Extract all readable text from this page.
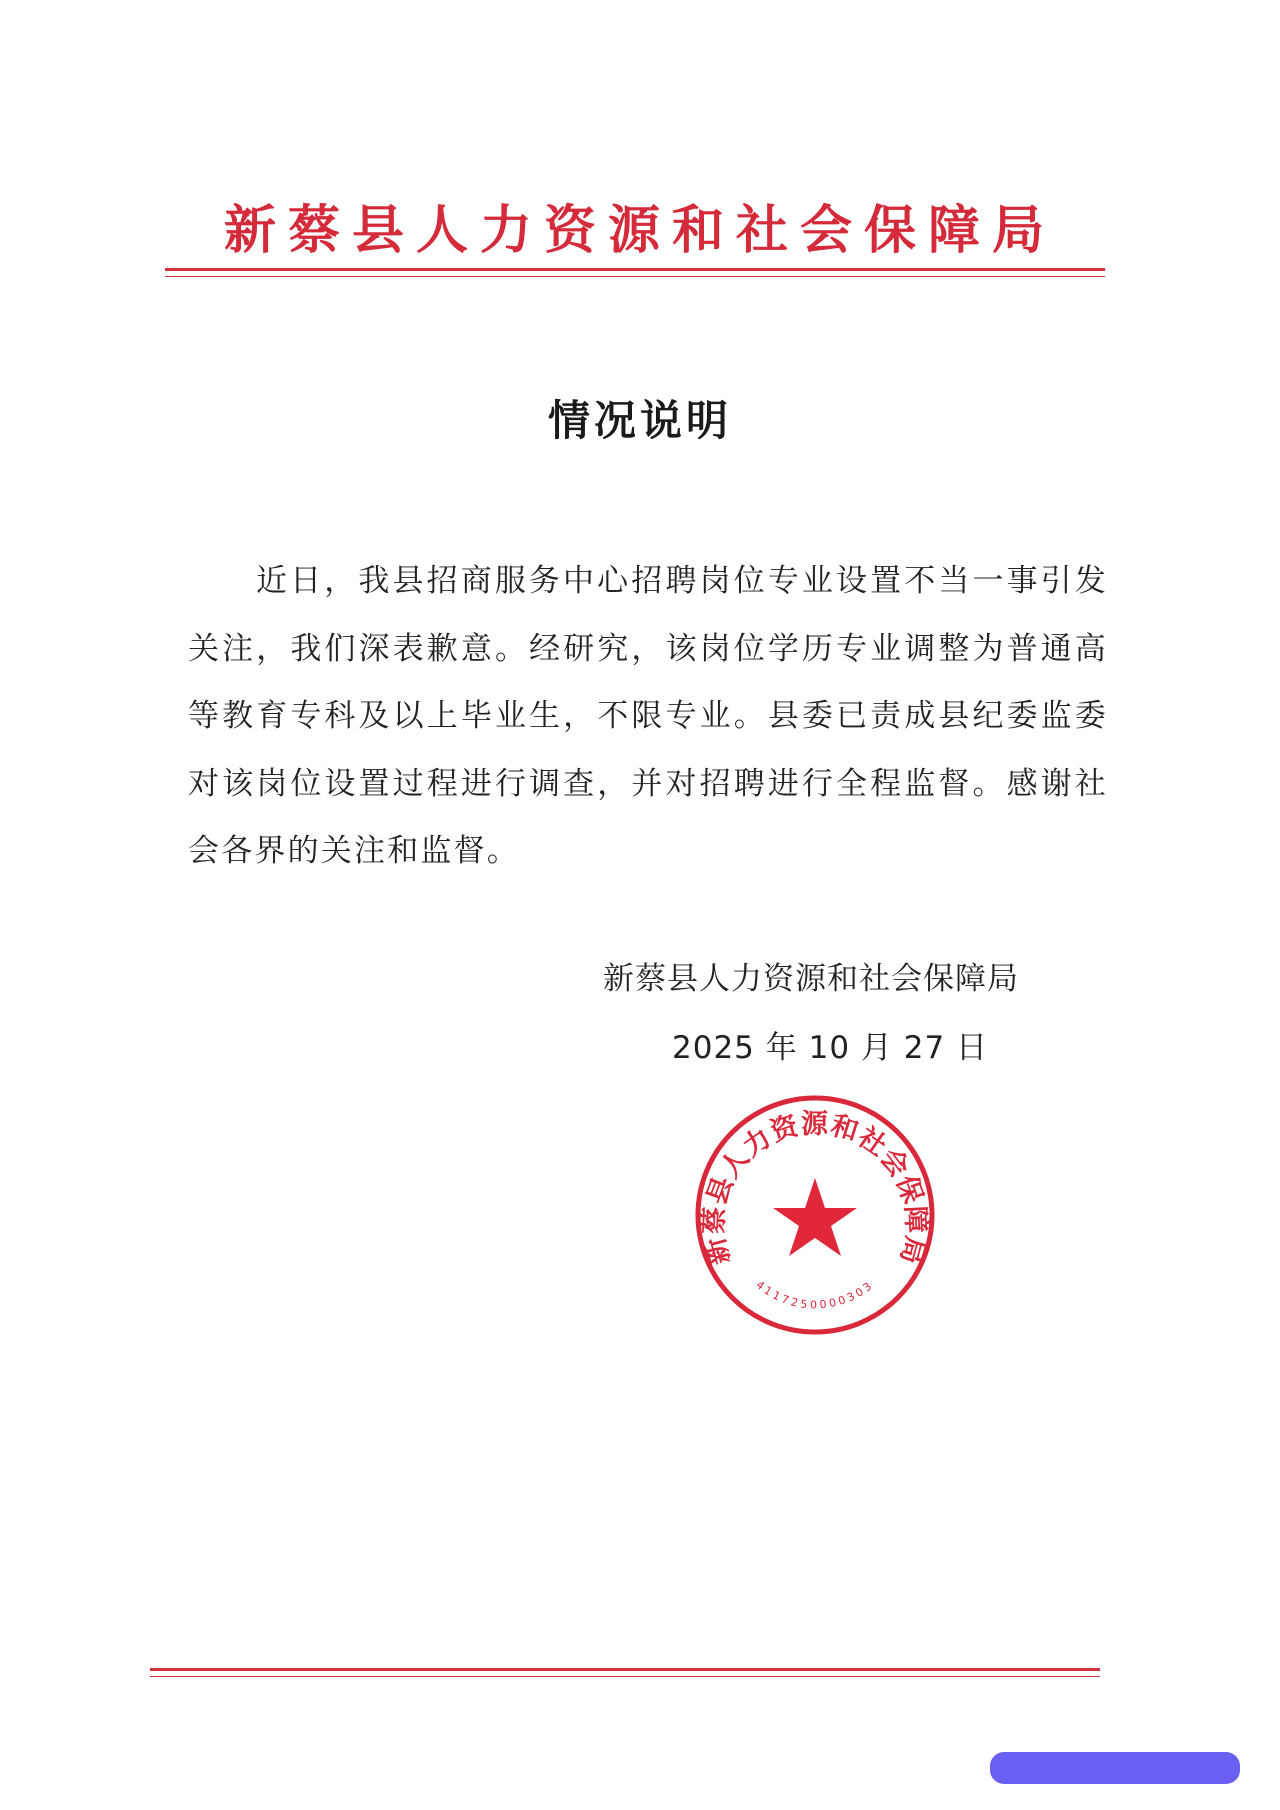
新蔡县人力资源和社会保障局
情况说明
近日，我县招商服务中心招聘岗位专业设置不当一事引发关注，我们深表歉意。经研究，该岗位学历专业调整为普通高等教育专科及以上毕业生，不限专业。县委已责成县纪委监委对该岗位设置过程进行调查，并对招聘进行全程监督。感谢社会各界的关注和监督。
新蔡县人力资源和社会保障局
2025 年 10 月 27 日
新蔡县人力资源和社会保障局
4117250000303
